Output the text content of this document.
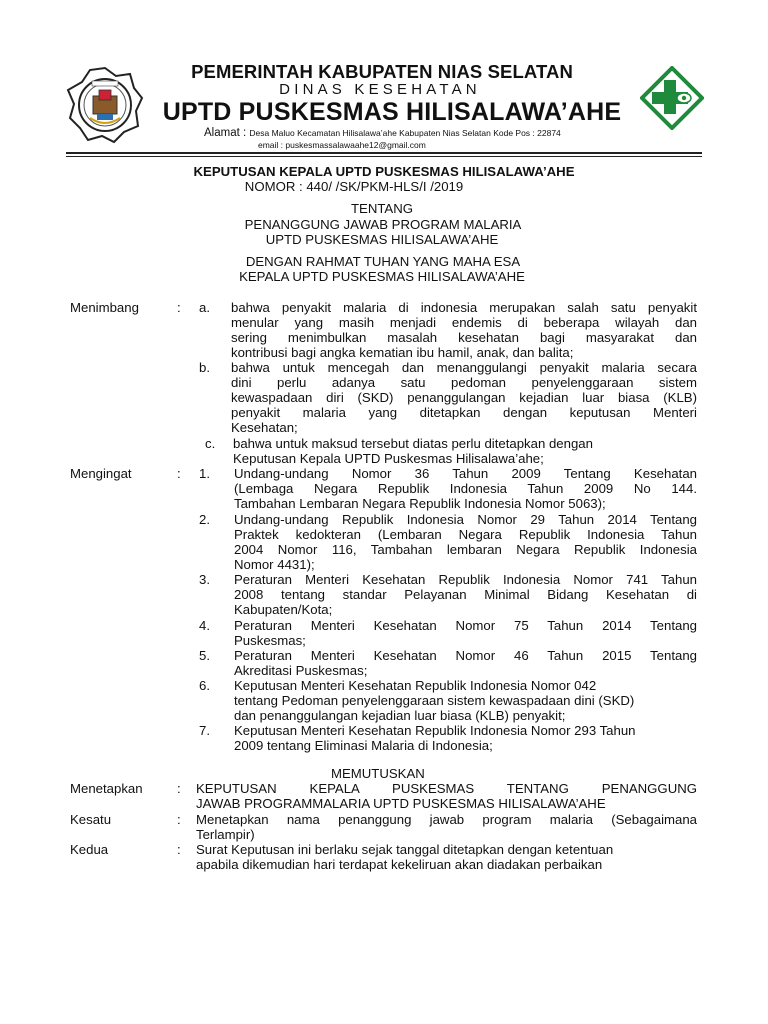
PEMERINTAH KABUPATEN NIAS SELATAN
DINAS KESEHATAN
UPTD PUSKESMAS HILISALAWA’AHE
Alamat : Desa Maluo Kecamatan Hilisalawa’ahe Kabupaten Nias Selatan Kode Pos : 22874
email : puskesmassalawaahe12@gmail.com
KEPUTUSAN KEPALA UPTD PUSKESMAS HILISALAWA’AHE
NOMOR : 440/ /SK/PKM-HLS/I /2019
TENTANG
PENANGGUNG JAWAB PROGRAM MALARIA
UPTD PUSKESMAS HILISALAWA’AHE
DENGAN RAHMAT TUHAN YANG MAHA ESA
KEPALA UPTD PUSKESMAS HILISALAWA’AHE
Menimbang	: a. bahwa penyakit malaria di indonesia merupakan salah satu penyakit
menular yang masih menjadi endemis di beberapa wilayah dan
sering menimbulkan masalah kesehatan bagi masyarakat dan
kontribusi bagi angka kematian ibu hamil, anak, dan balita;
b. bahwa untuk mencegah dan menanggulangi penyakit malaria secara
dini perlu adanya satu pedoman penyelenggaraan sistem
kewaspadaan diri (SKD) penanggulangan kejadian luar biasa (KLB)
penyakit malaria yang ditetapkan dengan keputusan Menteri
Kesehatan;
c. bahwa untuk maksud tersebut diatas perlu ditetapkan dengan
Keputusan Kepala UPTD Puskesmas Hilisalawa’ahe;
Mengingat	: 1. Undang-undang Nomor 36 Tahun 2009 Tentang Kesehatan
(Lembaga Negara Republik Indonesia Tahun 2009 No 144.
Tambahan Lembaran Negara Republik Indonesia Nomor 5063);
2. Undang-undang Republik Indonesia Nomor 29 Tahun 2014 Tentang
Praktek kedokteran (Lembaran Negara Republik Indonesia Tahun
2004 Nomor 116, Tambahan lembaran Negara Republik Indonesia
Nomor 4431);
3. Peraturan Menteri Kesehatan Republik Indonesia Nomor 741 Tahun
2008 tentang standar Pelayanan Minimal Bidang Kesehatan di
Kabupaten/Kota;
4. Peraturan Menteri Kesehatan Nomor 75 Tahun 2014 Tentang
Puskesmas;
5. Peraturan Menteri Kesehatan Nomor 46 Tahun 2015 Tentang
Akreditasi Puskesmas;
6. Keputusan Menteri Kesehatan Republik Indonesia Nomor 042
tentang Pedoman penyelenggaraan sistem kewaspadaan dini (SKD)
dan penanggulangan kejadian luar biasa (KLB) penyakit;
7. Keputusan Menteri Kesehatan Republik Indonesia Nomor 293 Tahun
2009 tentang Eliminasi Malaria di Indonesia;
MEMUTUSKAN
Menetapkan	: KEPUTUSAN KEPALA PUSKESMAS TENTANG PENANGGUNG
JAWAB PROGRAMMALARIA UPTD PUSKESMAS HILISALAWA’AHE
Kesatu	: Menetapkan nama penanggung jawab program malaria (Sebagaimana
Terlampir)
Kedua	: Surat Keputusan ini berlaku sejak tanggal ditetapkan dengan ketentuan
apabila dikemudian hari terdapat kekeliruan akan diadakan perbaikan
